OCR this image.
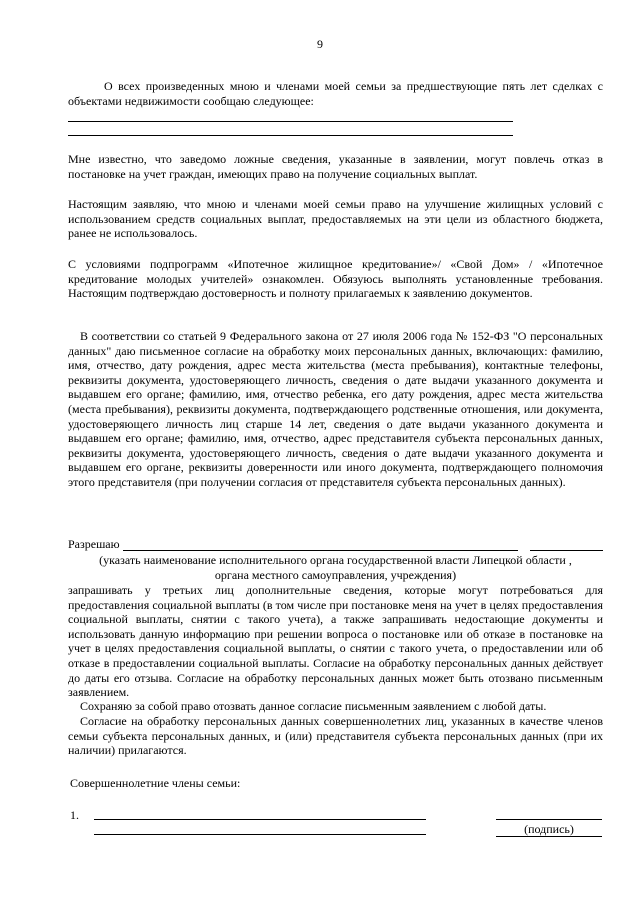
9

О всех произведенных мною и членами моей семьи за предшествующие пять лет сделках с объектами недвижимости сообщаю следующее:

Мне известно, что заведомо ложные сведения, указанные в заявлении, могут повлечь отказ в постановке на учет граждан, имеющих право на получение социальных выплат.

Настоящим заявляю, что мною и членами моей семьи право на улучшение жилищных условий с использованием средств социальных выплат, предоставляемых на эти цели из областного бюджета, ранее не использовалось.

С условиями подпрограмм «Ипотечное жилищное кредитование»/ «Свой Дом» / «Ипотечное кредитование молодых учителей» ознакомлен. Обязуюсь выполнять установленные требования. Настоящим подтверждаю достоверность и полноту прилагаемых к заявлению документов.

В соответствии со статьей 9 Федерального закона от 27 июля 2006 года № 152-ФЗ "О персональных данных" даю письменное согласие на обработку моих персональных данных, включающих: фамилию, имя, отчество, дату рождения, адрес места жительства (места пребывания), контактные телефоны, реквизиты документа, удостоверяющего личность, сведения о дате выдачи указанного документа и выдавшем его органе; фамилию, имя, отчество ребенка, его дату рождения, адрес места жительства (места пребывания), реквизиты документа, подтверждающего родственные отношения, или документа, удостоверяющего личность лиц старше 14 лет, сведения о дате выдачи указанного документа и выдавшем его органе; фамилию, имя, отчество, адрес представителя субъекта персональных данных, реквизиты документа, удостоверяющего личность, сведения о дате выдачи указанного документа и выдавшем его органе, реквизиты доверенности или иного документа, подтверждающего полномочия этого представителя (при получении согласия от представителя субъекта персональных данных).

Разрешаю
(указать наименование исполнительного органа государственной власти Липецкой области ,
органа местного самоуправления, учреждения)

запрашивать у третьих лиц дополнительные сведения, которые могут потребоваться для предоставления социальной выплаты (в том числе при постановке меня на учет в целях предоставления социальной выплаты, снятии с такого учета), а также запрашивать недостающие документы и использовать данную информацию при решении вопроса о постановке или об отказе в постановке на учет в целях предоставления социальной выплаты, о снятии с такого учета, о предоставлении или об отказе в предоставлении социальной выплаты. Согласие на обработку персональных данных действует до даты его отзыва. Согласие на обработку персональных данных может быть отозвано письменным заявлением.

Сохраняю за собой право отозвать данное согласие письменным заявлением с любой даты.

Согласие на обработку персональных данных совершеннолетних лиц, указанных в качестве членов семьи субъекта персональных данных, и (или) представителя субъекта персональных данных (при их наличии) прилагаются.

Совершеннолетние члены семьи:
1.
(подпись)
